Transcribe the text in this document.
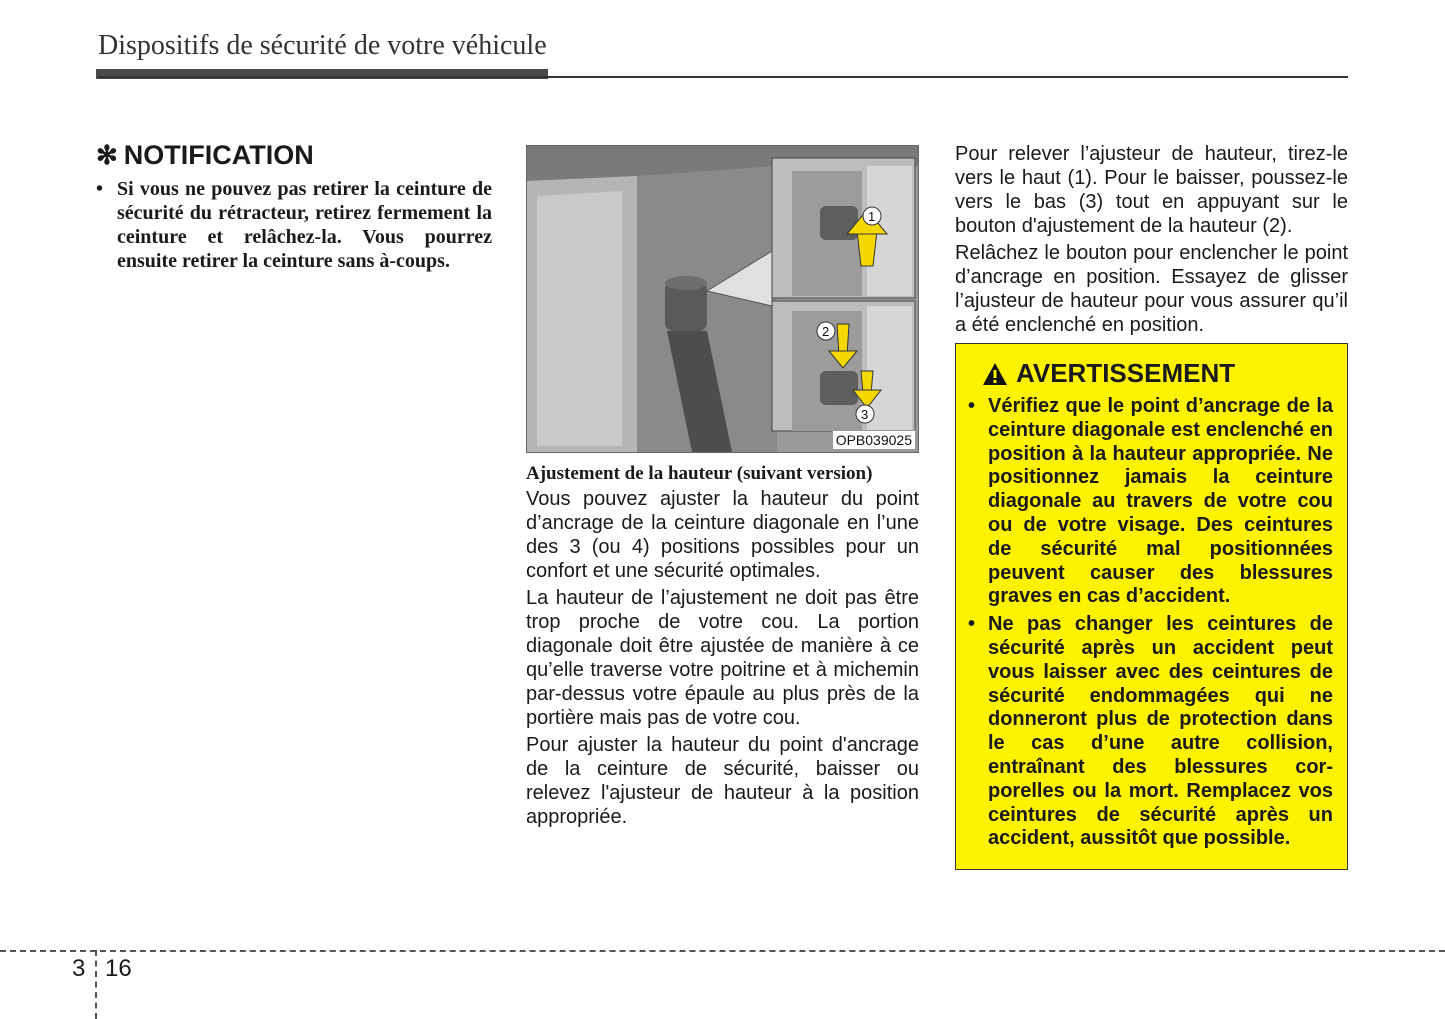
Dispositifs de sécurité de votre véhicule
✻ NOTIFICATION
• Si vous ne pouvez pas retirer la ceinture de sécurité du rétracteur, retirez fermement la ceinture et relâchez-la. Vous pourrez ensuite retirer la ceinture sans à-coups.
1
2
3
OPB039025
Ajustement de la hauteur (suivant version)

Vous pouvez ajuster la hauteur du point d’ancrage de la ceinture diagonale en l’une des 3 (ou 4) positions possibles pour un confort et une sécurité optimales.

La hauteur de l’ajustement ne doit pas être trop proche de votre cou. La portion diagonale doit être ajustée de manière à ce qu’elle traverse votre poitrine et à michemin par-dessus votre épaule au plus près de la portière mais pas de votre cou.

Pour ajuster la hauteur du point d'ancrage de la ceinture de sécurité, baisser ou relevez l'ajusteur de hauteur à la position appropriée.

Pour relever l’ajusteur de hauteur, tirez-le vers le haut (1). Pour le baisser, poussez-le vers le bas (3) tout en appuyant sur le bouton d'ajustement de la hauteur (2).

Relâchez le bouton pour enclencher le point d’ancrage en position. Essayez de glisser l’ajusteur de hauteur pour vous assurer qu’il a été enclenché en position.

AVERTISSEMENT
• Vérifiez que le point d’ancrage de la ceinture diagonale est enclenché en position à la hauteur appropriée. Ne positionnez jamais la ceinture diagonale au travers de votre cou ou de votre visage. Des ceintures de sécurité mal positionnées peuvent causer des blessures graves en cas d’accident.
• Ne pas changer les ceintures de sécurité après un accident peut vous laisser avec des ceintures de sécurité endommagées qui ne donneront plus de protection dans le cas d’une autre collision, entraînant des blessures corporelles ou la mort. Remplacez vos ceintures de sécurité après un accident, aussitôt que possible.
3 16
